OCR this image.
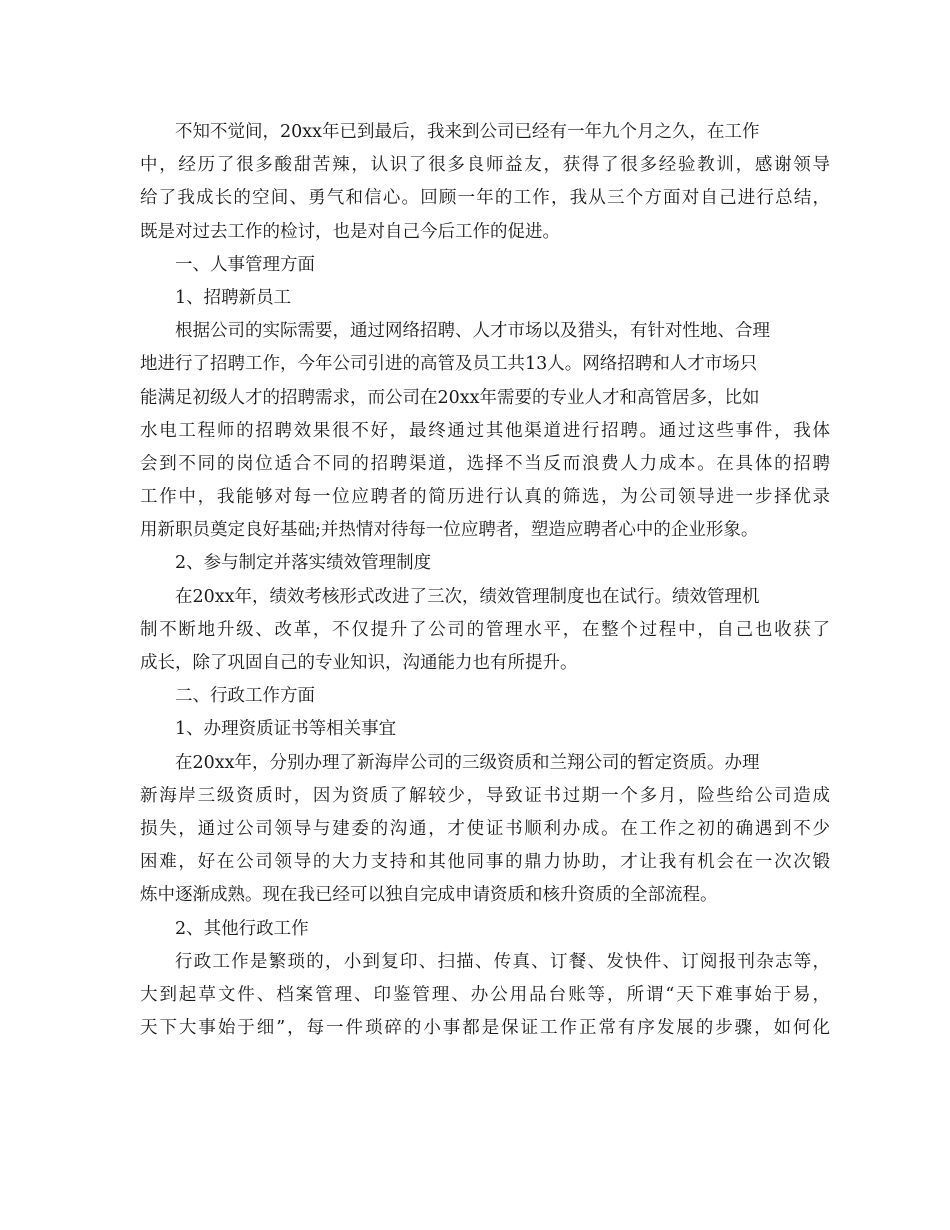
不知不觉间，20xx年已到最后，我来到公司已经有一年九个月之久，在工作
中，经历了很多酸甜苦辣，认识了很多良师益友，获得了很多经验教训，感谢领导
给了我成长的空间、勇气和信心。回顾一年的工作，我从三个方面对自己进行总结，
既是对过去工作的检讨，也是对自己今后工作的促进。
一、人事管理方面
1、招聘新员工
根据公司的实际需要，通过网络招聘、人才市场以及猎头，有针对性地、合理
地进行了招聘工作，今年公司引进的高管及员工共13人。网络招聘和人才市场只
能满足初级人才的招聘需求，而公司在20xx年需要的专业人才和高管居多，比如
水电工程师的招聘效果很不好，最终通过其他渠道进行招聘。通过这些事件，我体
会到不同的岗位适合不同的招聘渠道，选择不当反而浪费人力成本。在具体的招聘
工作中，我能够对每一位应聘者的简历进行认真的筛选，为公司领导进一步择优录
用新职员奠定良好基础;并热情对待每一位应聘者，塑造应聘者心中的企业形象。
2、参与制定并落实绩效管理制度
在20xx年，绩效考核形式改进了三次，绩效管理制度也在试行。绩效管理机
制不断地升级、改革，不仅提升了公司的管理水平，在整个过程中，自己也收获了
成长，除了巩固自己的专业知识，沟通能力也有所提升。
二、行政工作方面
1、办理资质证书等相关事宜
在20xx年，分别办理了新海岸公司的三级资质和兰翔公司的暂定资质。办理
新海岸三级资质时，因为资质了解较少，导致证书过期一个多月，险些给公司造成
损失，通过公司领导与建委的沟通，才使证书顺利办成。在工作之初的确遇到不少
困难，好在公司领导的大力支持和其他同事的鼎力协助，才让我有机会在一次次锻
炼中逐渐成熟。现在我已经可以独自完成申请资质和核升资质的全部流程。
2、其他行政工作
行政工作是繁琐的，小到复印、扫描、传真、订餐、发快件、订阅报刊杂志等，
大到起草文件、档案管理、印鉴管理、办公用品台账等，所谓“天下难事始于易，
天下大事始于细”，每一件琐碎的小事都是保证工作正常有序发展的步骤，如何化
